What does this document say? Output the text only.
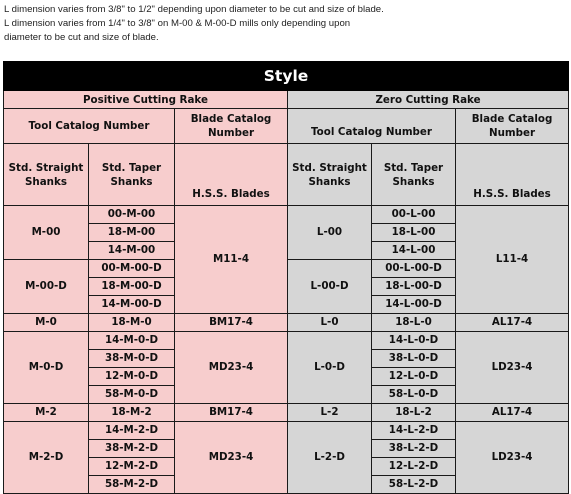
L dimension varies from 3/8" to 1/2" depending upon diameter to be cut and size of blade.
L dimension varies from 1/4" to 3/8" on M-00 & M-00-D mills only depending upon
diameter to be cut and size of blade.
Style					
Positive Cutting Rake			Zero Cutting Rake		
Tool Catalog Number		Blade Catalog Number	Tool Catalog Number		Blade Catalog Number
Std. Straight Shanks	Std. Taper Shanks	H.S.S. Blades	Std. Straight Shanks	Std. Taper Shanks	H.S.S. Blades
M-00	00-M-00	M11-4	L-00	00-L-00	L11-4
	18-M-00			18-L-00	
	14-M-00			14-L-00	
M-00-D	00-M-00-D		L-00-D	00-L-00-D	
	18-M-00-D			18-L-00-D	
	14-M-00-D			14-L-00-D	
M-0	18-M-0	BM17-4	L-0	18-L-0	AL17-4
M-0-D	14-M-0-D	MD23-4	L-0-D	14-L-0-D	LD23-4
	38-M-0-D			38-L-0-D	
	12-M-0-D			12-L-0-D	
	58-M-0-D			58-L-0-D	
M-2	18-M-2	BM17-4	L-2	18-L-2	AL17-4
M-2-D	14-M-2-D	MD23-4	L-2-D	14-L-2-D	LD23-4
	38-M-2-D			38-L-2-D	
	12-M-2-D			12-L-2-D	
	58-M-2-D			58-L-2-D	
